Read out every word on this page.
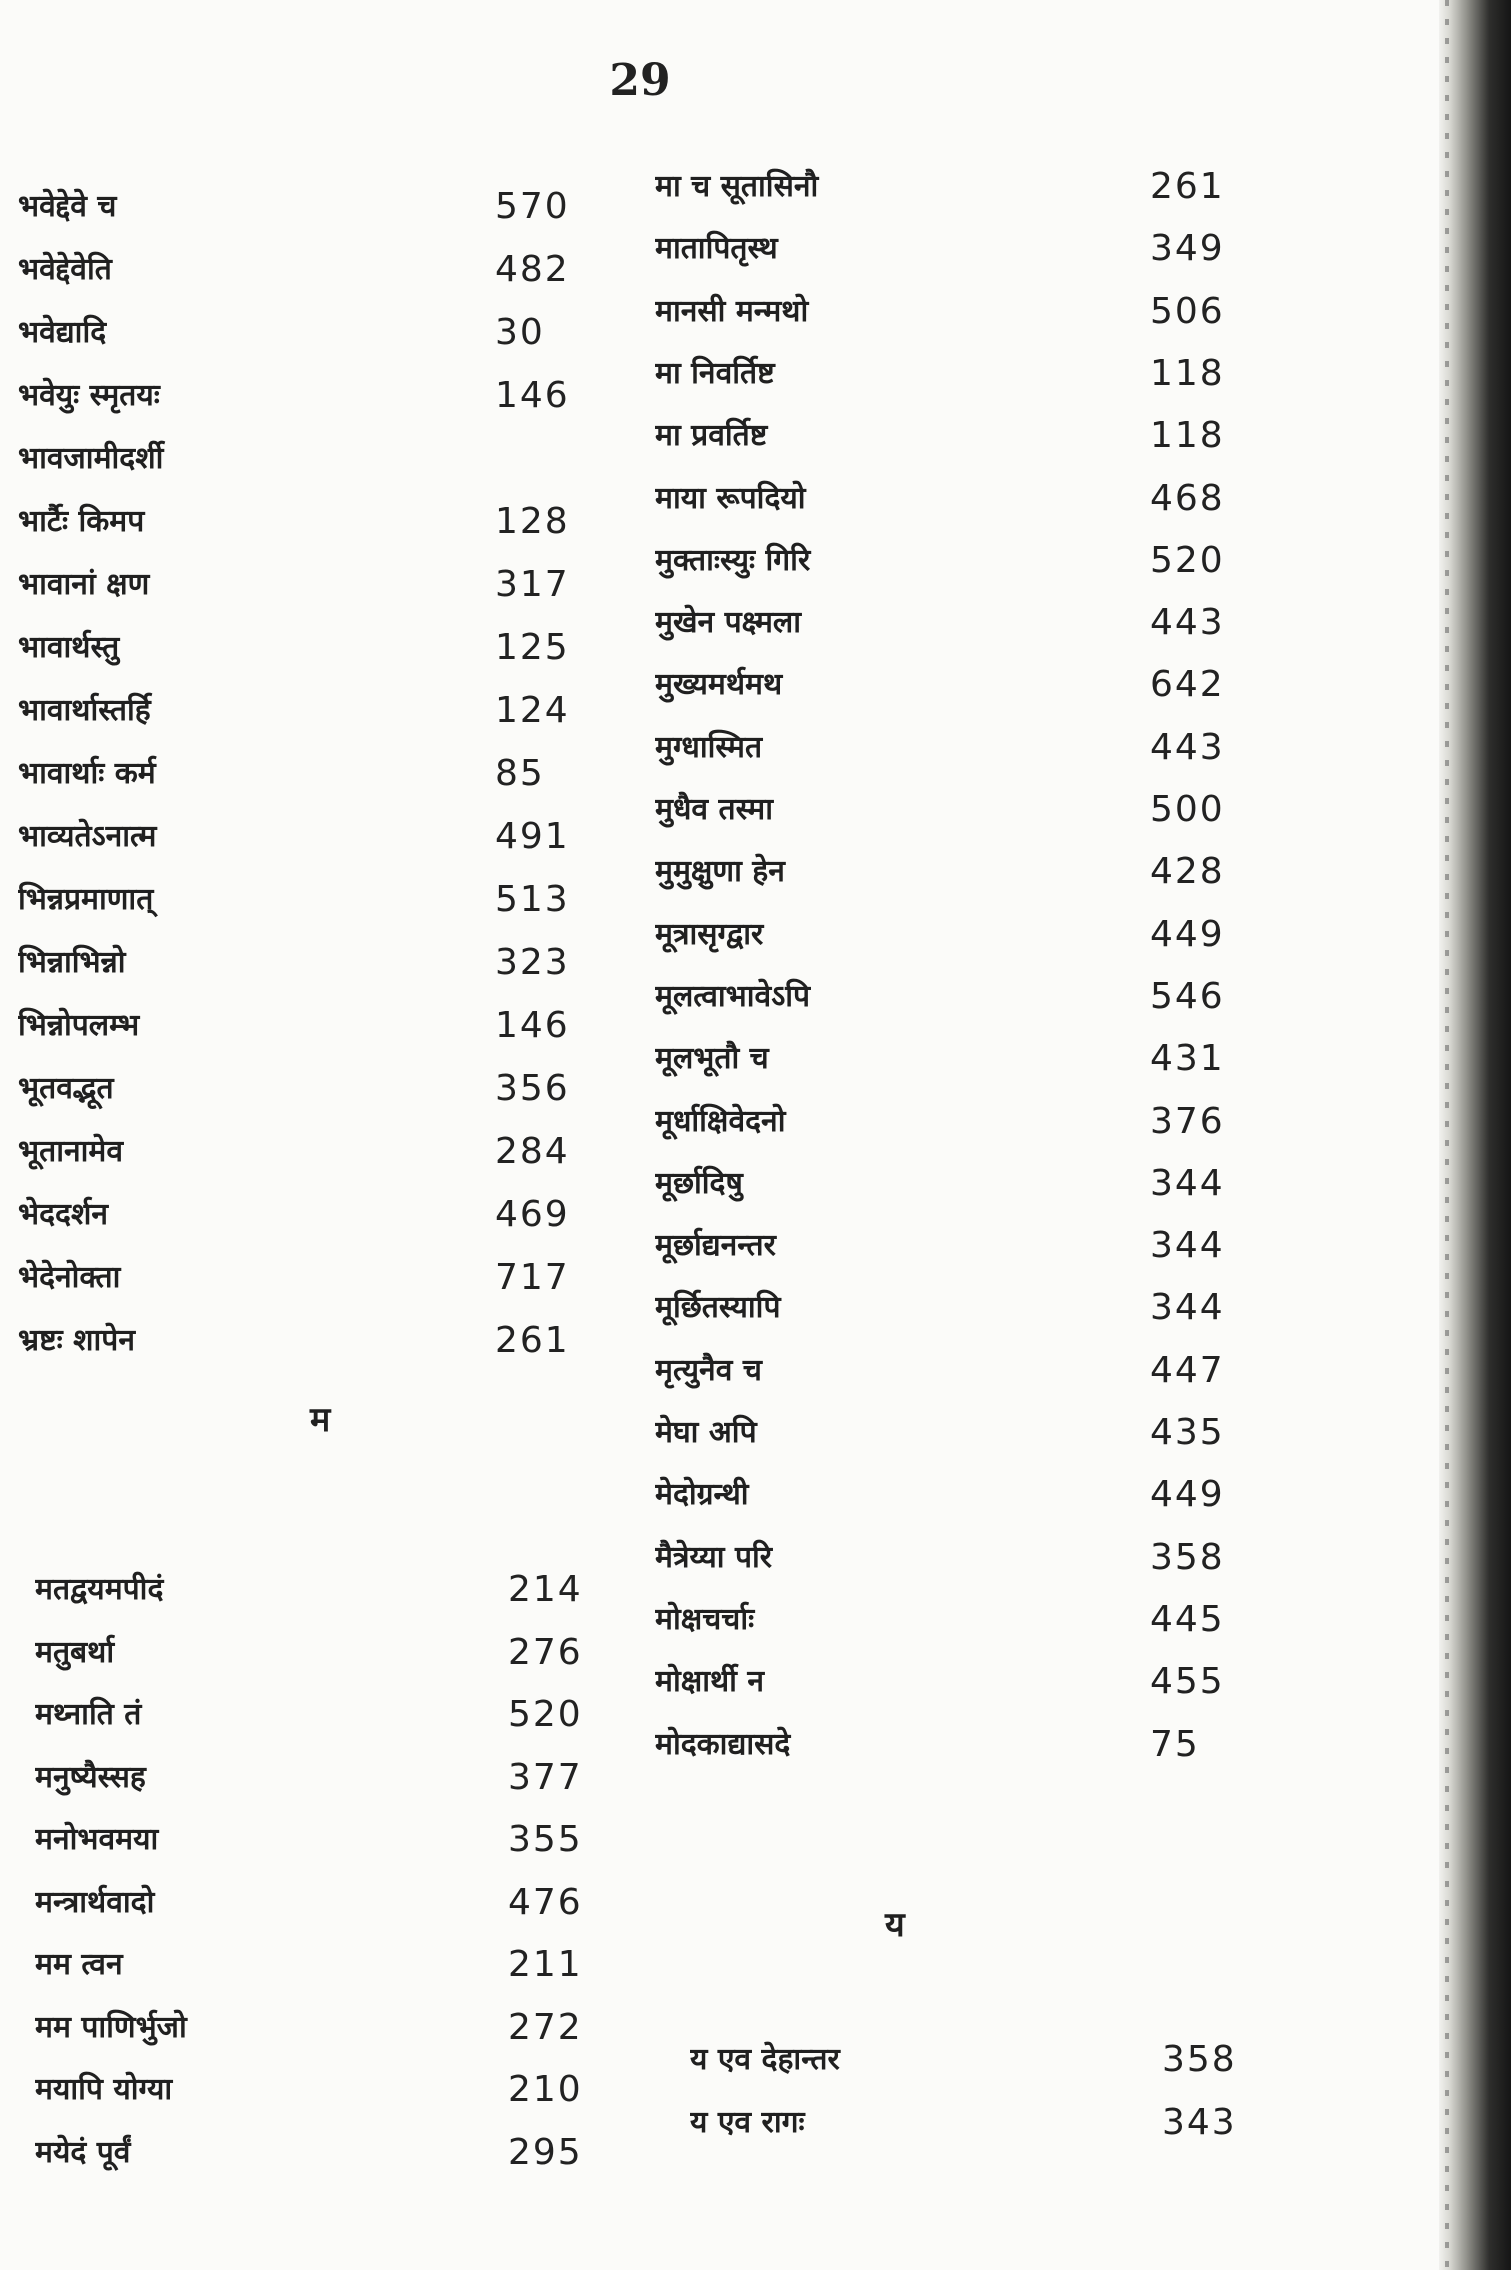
29
भवेद्देवे च	570
भवेद्देवेति	482
भवेद्यादि	30
भवेयुः स्मृतयः	146
भावजामीदर्शी
भार्टैः किमप	128
भावानां क्षण	317
भावार्थस्तु	125
भावार्थास्तर्हि	124
भावार्थाः कर्म	85
भाव्यतेऽनात्म	491
भिन्नप्रमाणात्	513
भिन्नाभिन्नो	323
भिन्नोपलम्भ	146
भूतवद्भूत	356
भूतानामेव	284
भेददर्शन	469
भेदेनोक्ता	717
भ्रष्टः शापेन	261
मतद्वयमपीदं	214
मतुबर्था	276
मथ्नाति तं	520
मनुष्यैस्सह	377
मनोभवमया	355
मन्त्रार्थवादो	476
मम त्वन	211
मम पाणिर्भुजो	272
मयापि योग्या	210
मयेदं पूर्वं	295
मा च सूतासिनौ	261
मातापितृस्थ	349
मानसी मन्मथो	506
मा निवर्तिष्ट	118
मा प्रवर्तिष्ट	118
माया रूपदियो	468
मुक्ताःस्युः गिरि	520
मुखेन पक्ष्मला	443
मुख्यमर्थमथ	642
मुग्धास्मित	443
मुधैव तस्मा	500
मुमुक्षुणा हेन	428
मूत्रासृग्द्वार	449
मूलत्वाभावेऽपि	546
मूलभूतौ च	431
मूर्धाक्षिवेदनो	376
मूर्छादिषु	344
मूर्छाद्यनन्तर	344
मूर्छितस्यापि	344
मृत्युनैव च	447
मेघा अपि	435
मेदोग्रन्थी	449
मैत्रेय्या परि	358
मोक्षचर्चाः	445
मोक्षार्थी न	455
मोदकाद्यासदे	75
य एव देहान्तर	358
य एव रागः	343
म
य
